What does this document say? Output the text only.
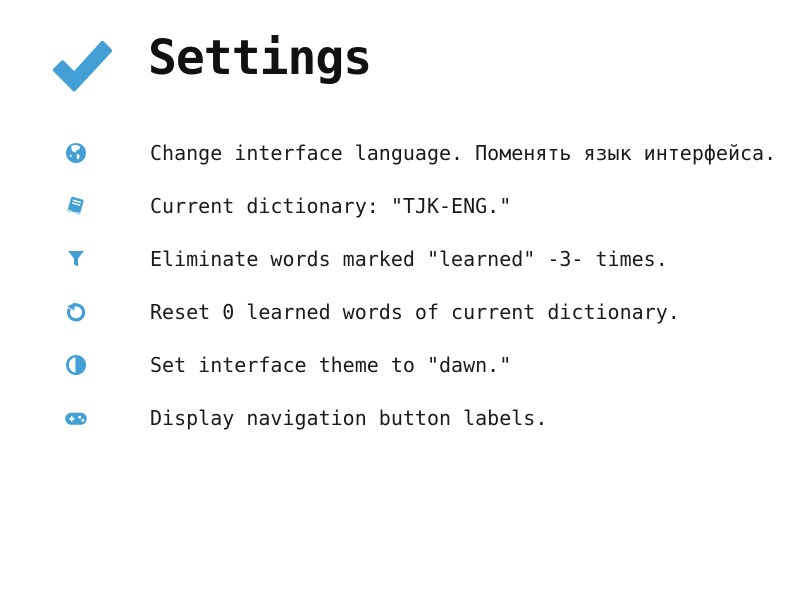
Settings
Change interface language. Поменять язык интерфейса.
Current dictionary: "TJK-ENG."
Eliminate words marked "learned" -3- times.
Reset 0 learned words of current dictionary.
Set interface theme to "dawn."
Display navigation button labels.
